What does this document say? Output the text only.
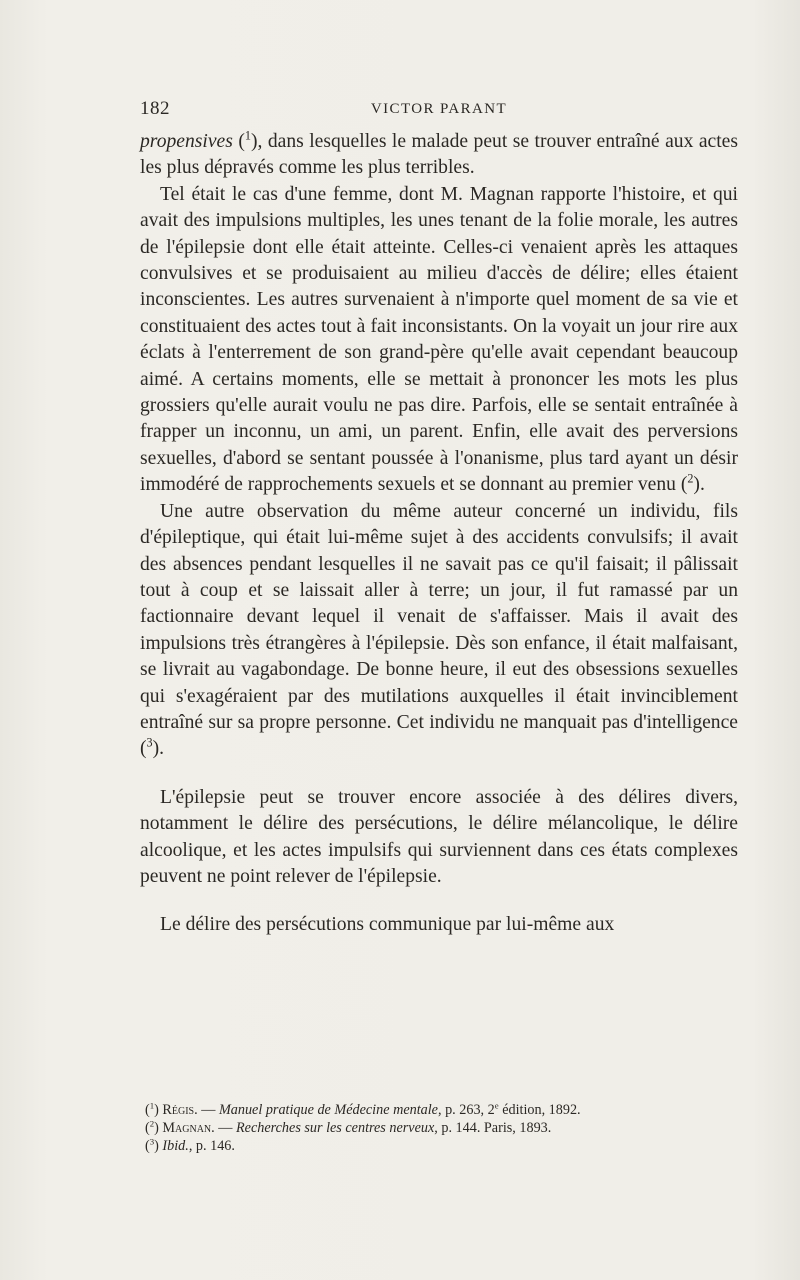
182	VICTOR PARANT

propensives ($^1$), dans lesquelles le malade peut se trouver entraîné aux actes les plus dépravés comme les plus terribles.

Tel était le cas d'une femme, dont M. Magnan rapporte l'histoire, et qui avait des impulsions multiples, les unes tenant de la folie morale, les autres de l'épilepsie dont elle était atteinte. Celles-ci venaient après les attaques convulsives et se produisaient au milieu d'accès de délire; elles étaient inconscientes. Les autres survenaient à n'importe quel moment de sa vie et constituaient des actes tout à fait inconsistants. On la voyait un jour rire aux éclats à l'enterrement de son grand-père qu'elle avait cependant beaucoup aimé. A certains moments, elle se mettait à prononcer les mots les plus grossiers qu'elle aurait voulu ne pas dire. Parfois, elle se sentait entraînée à frapper un inconnu, un ami, un parent. Enfin, elle avait des perversions sexuelles, d'abord se sentant poussée à l'onanisme, plus tard ayant un désir immodéré de rapprochements sexuels et se donnant au premier venu ($^2$).

Une autre observation du même auteur concerné un individu, fils d'épileptique, qui était lui-même sujet à des accidents convulsifs; il avait des absences pendant lesquelles il ne savait pas ce qu'il faisait; il pâlissait tout à coup et se laissait aller à terre; un jour, il fut ramassé par un factionnaire devant lequel il venait de s'affaisser. Mais il avait des impulsions très étrangères à l'épilepsie. Dès son enfance, il était malfaisant, se livrait au vagabondage. De bonne heure, il eut des obsessions sexuelles qui s'exagéraient par des mutilations auxquelles il était invinciblement entraîné sur sa propre personne. Cet individu ne manquait pas d'intelligence ($^3$).

L'épilepsie peut se trouver encore associée à des délires divers, notamment le délire des persécutions, le délire mélancolique, le délire alcoolique, et les actes impulsifs qui surviennent dans ces états complexes peuvent ne point relever de l'épilepsie.

Le délire des persécutions communique par lui-même aux

($^1$) Régis. — Manuel pratique de Médecine mentale, p. 263, 2e édition, 1892.

($^2$) Magnan. — Recherches sur les centres nerveux, p. 144. Paris, 1893.

($^3$) Ibid., p. 146.
